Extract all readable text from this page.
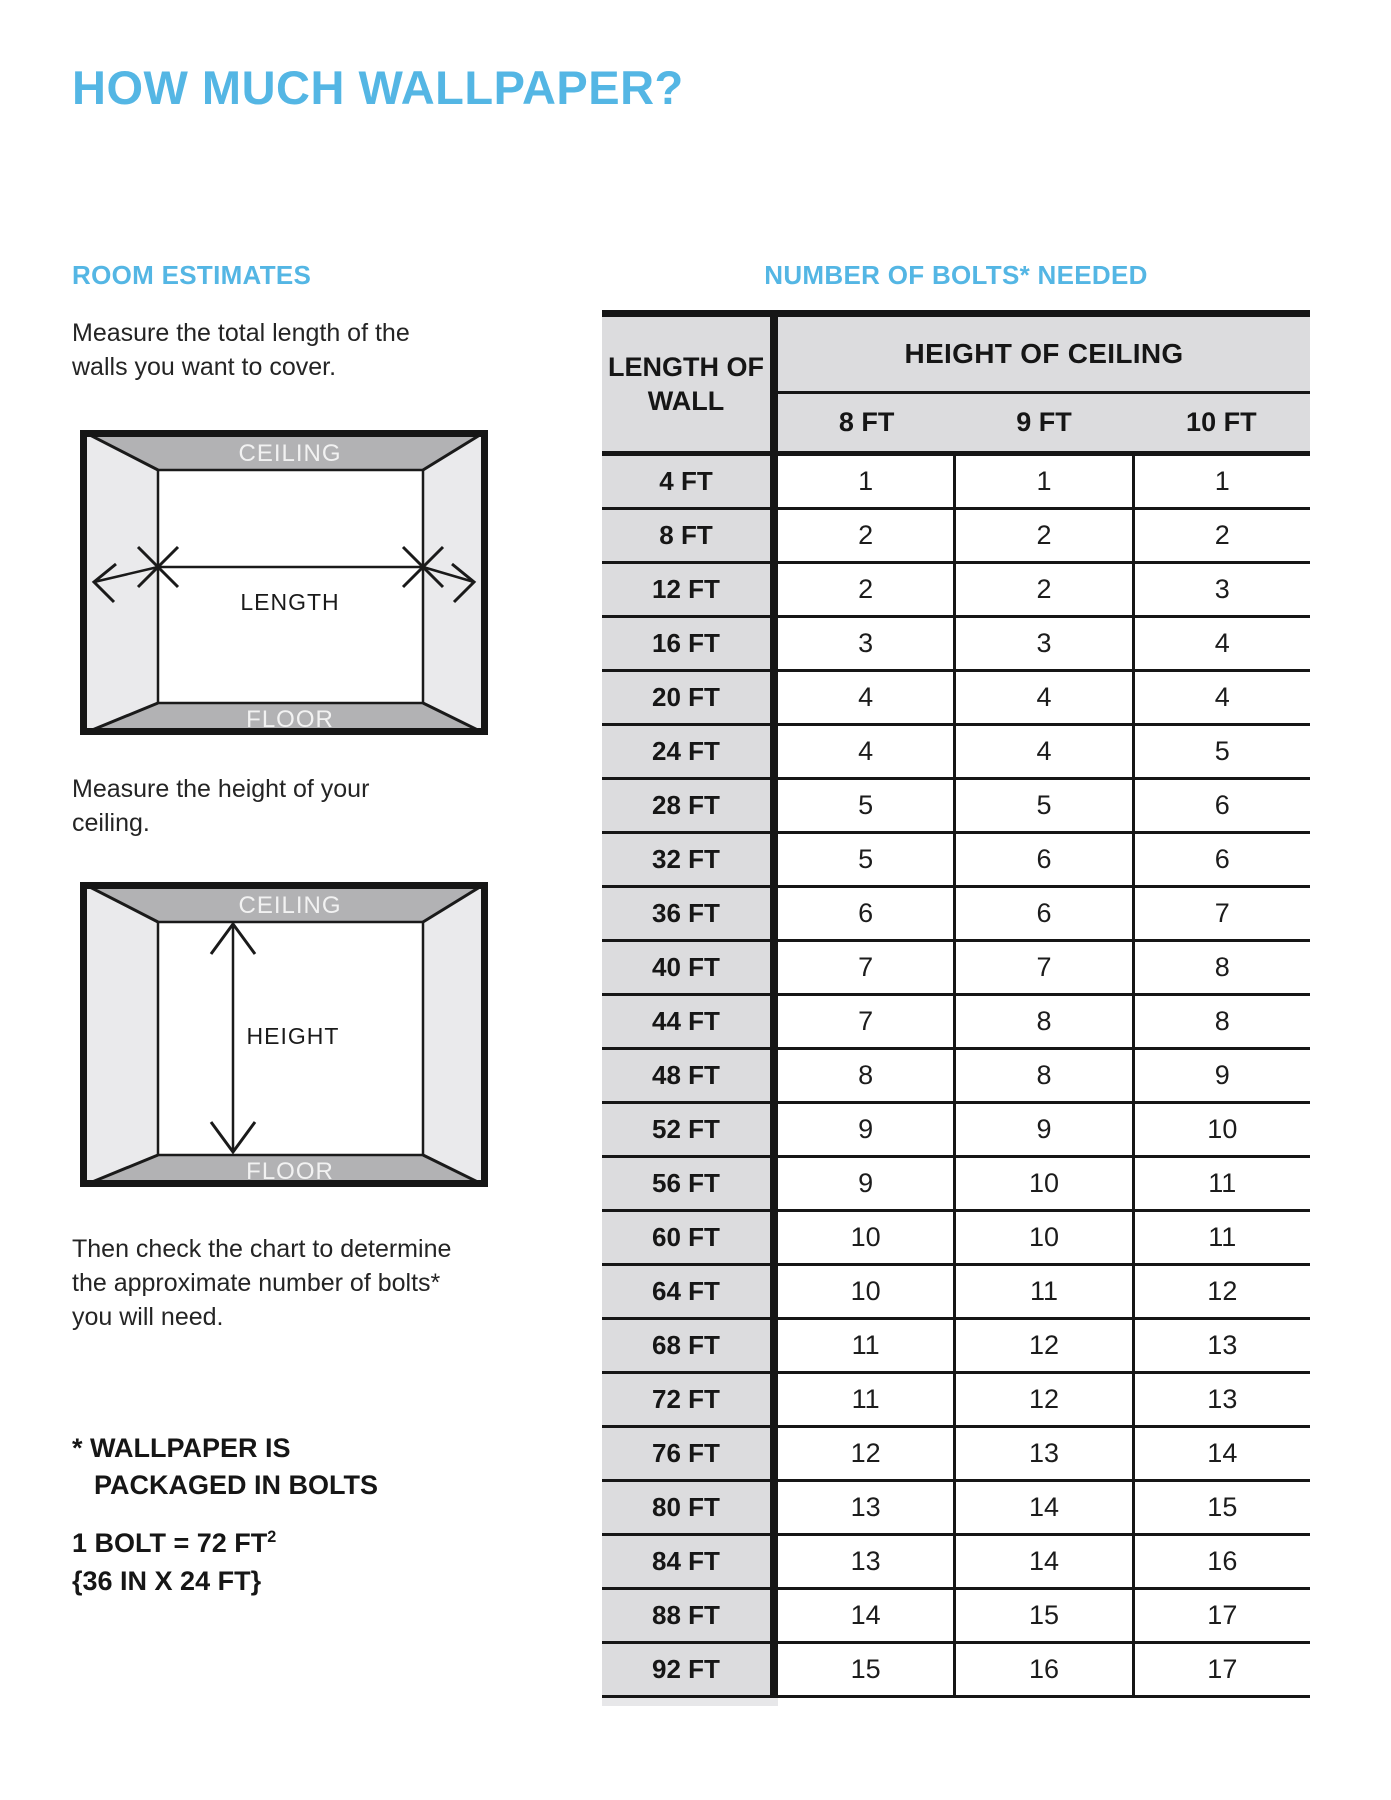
HOW MUCH WALLPAPER?
ROOM ESTIMATES
Measure the total length of the walls you want to cover.
CEILING
FLOOR
LENGTH
Measure the height of your ceiling.
CEILING
FLOOR
HEIGHT
Then check the chart to determine the approximate number of bolts* you will need.
* WALLPAPER IS
PACKAGED IN BOLTS
1 BOLT = 72 $FT^2$
{36 IN X 24 FT}
NUMBER OF BOLTS* NEEDED
LENGTH OF WALL
HEIGHT OF CEILING
8 FT	9 FT	10 FT
4 FT	1	1	1
8 FT	2	2	2
12 FT	2	2	3
16 FT	3	3	4
20 FT	4	4	4
24 FT	4	4	5
28 FT	5	5	6
32 FT	5	6	6
36 FT	6	6	7
40 FT	7	7	8
44 FT	7	8	8
48 FT	8	8	9
52 FT	9	9	10
56 FT	9	10	11
60 FT	10	10	11
64 FT	10	11	12
68 FT	11	12	13
72 FT	11	12	13
76 FT	12	13	14
80 FT	13	14	15
84 FT	13	14	16
88 FT	14	15	17
92 FT	15	16	17
